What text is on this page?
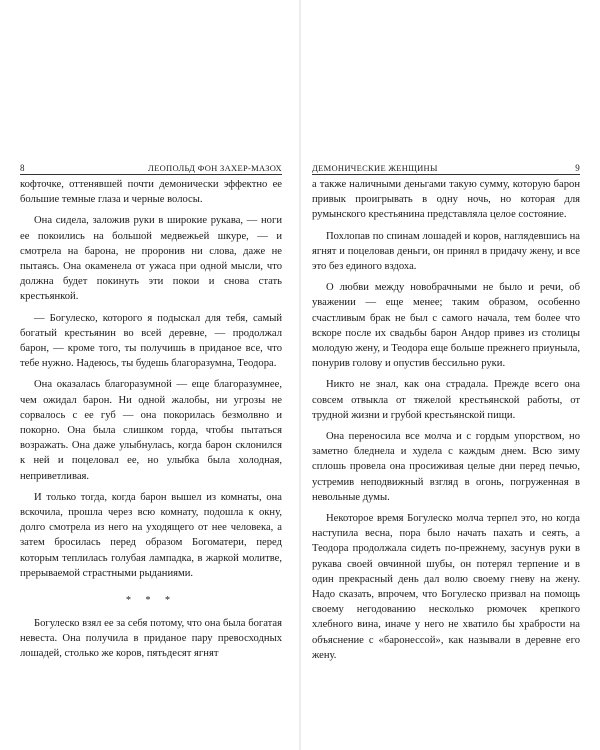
8	ЛЕОПОЛЬД ФОН ЗАХЕР-МАЗОХ

кофточке, оттенявшей почти демонически эффектно ее большие темные глаза и черные волосы.

Она сидела, заложив руки в широкие рукава, — ноги ее покоились на большой медвежьей шкуре, — и смотрела на барона, не проронив ни слова, даже не пытаясь. Она окаменела от ужаса при одной мысли, что должна будет покинуть эти покои и снова стать крестьянкой.

— Богулеско, которого я подыскал для тебя, самый богатый крестьянин во всей деревне, — продолжал барон, — кроме того, ты получишь в приданое все, что тебе нужно. Надеюсь, ты будешь благоразумна, Теодора.

Она оказалась благоразумной — еще благоразумнее, чем ожидал барон. Ни одной жалобы, ни угрозы не сорвалось с ее губ — она покорилась безмолвно и покорно. Она была слишком горда, чтобы пытаться возражать. Она даже улыбнулась, когда барон склонился к ней и поцеловал ее, но улыбка была холодная, неприветливая.

И только тогда, когда барон вышел из комнаты, она вскочила, прошла через всю комнату, подошла к окну, долго смотрела из него на уходящего от нее человека, а затем бросилась перед образом Богоматери, перед которым теплилась голубая лампадка, в жаркой молитве, прерываемой страстными рыданиями.

* * *

Богулеско взял ее за себя потому, что она была богатая невеста. Она получила в приданое пару превосходных лошадей, столько же коров, пятьдесят ягнят

ДЕМОНИЧЕСКИЕ ЖЕНЩИНЫ	9

а также наличными деньгами такую сумму, которую барон привык проигрывать в одну ночь, но которая для румынского крестьянина представляла целое состояние.

Похлопав по спинам лошадей и коров, наглядевшись на ягнят и поцеловав деньги, он принял в придачу жену, и все это без единого вздоха.

О любви между новобрачными не было и речи, об уважении — еще менее; таким образом, особенно счастливым брак не был с самого начала, тем более что вскоре после их свадьбы барон Андор привез из столицы молодую жену, и Теодора еще больше прежнего приуныла, понурив голову и опустив бессильно руки.

Никто не знал, как она страдала. Прежде всего она совсем отвыкла от тяжелой крестьянской работы, от трудной жизни и грубой крестьянской пищи.

Она переносила все молча и с гордым упорством, но заметно бледнела и худела с каждым днем. Всю зиму сплошь провела она просиживая целые дни перед печью, устремив неподвижный взгляд в огонь, погруженная в невольные думы.

Некоторое время Богулеско молча терпел это, но когда наступила весна, пора было начать пахать и сеять, а Теодора продолжала сидеть по-прежнему, засунув руки в рукава своей овчинной шубы, он потерял терпение и в один прекрасный день дал волю своему гневу на жену. Надо сказать, впрочем, что Богулеско призвал на помощь своему негодованию несколько рюмочек крепкого хлебного вина, иначе у него не хватило бы храбрости на объяснение с «баронессой», как называли в деревне его жену.
